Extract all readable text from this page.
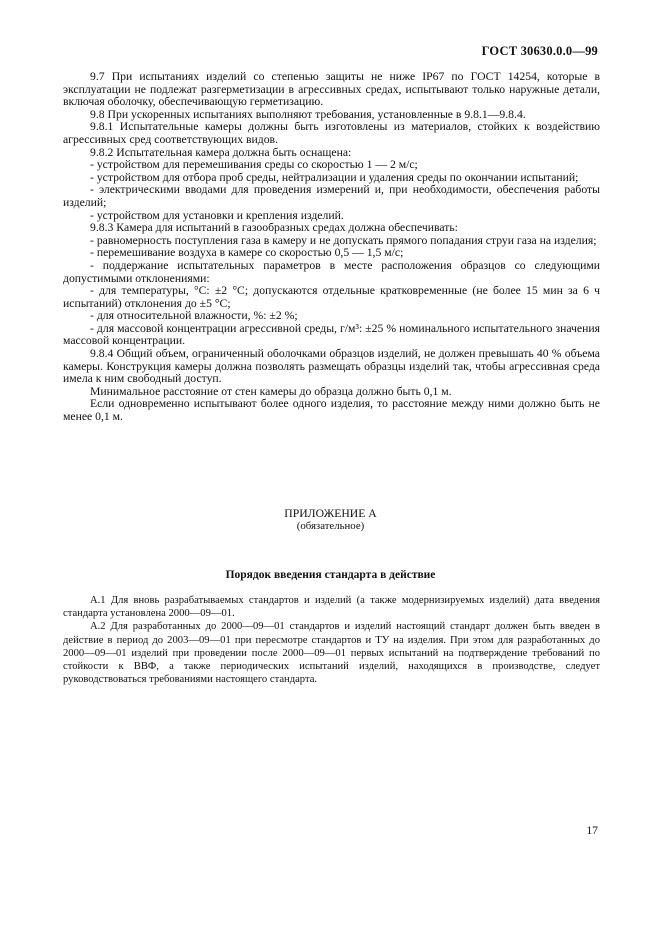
ГОСТ 30630.0.0—99

9.7 При испытаниях изделий со степенью защиты не ниже IP67 по ГОСТ 14254, которые в эксплуатации не подлежат разгерметизации в агрессивных средах, испытывают только наружные детали, включая оболочку, обеспечивающую герметизацию.

9.8 При ускоренных испытаниях выполняют требования, установленные в 9.8.1—9.8.4.

9.8.1 Испытательные камеры должны быть изготовлены из материалов, стойких к воздействию агрессивных сред соответствующих видов.

9.8.2 Испытательная камера должна быть оснащена:

- устройством для перемешивания среды со скоростью 1 — 2 м/с;

- устройством для отбора проб среды, нейтрализации и удаления среды по окончании испытаний;

- электрическими вводами для проведения измерений и, при необходимости, обеспечения работы изделий;

- устройством для установки и крепления изделий.

9.8.3 Камера для испытаний в газообразных средах должна обеспечивать:

- равномерность поступления газа в камеру и не допускать прямого попадания струи газа на изделия;

- перемешивание воздуха в камере со скоростью 0,5 — 1,5 м/с;

- поддержание испытательных параметров в месте расположения образцов со следующими допустимыми отклонениями:

- для температуры, °С: ±2 °С; допускаются отдельные кратковременные (не более 15 мин за 6 ч испытаний) отклонения до ±5 °С;

- для относительной влажности, %: ±2 %;

- для массовой концентрации агрессивной среды, г/м³: ±25 % номинального испытательного значения массовой концентрации.

9.8.4 Общий объем, ограниченный оболочками образцов изделий, не должен превышать 40 % объема камеры. Конструкция камеры должна позволять размещать образцы изделий так, чтобы агрессивная среда имела к ним свободный доступ.

Минимальное расстояние от стен камеры до образца должно быть 0,1 м.

Если одновременно испытывают более одного изделия, то расстояние между ними должно быть не менее 0,1 м.

ПРИЛОЖЕНИЕ А
(обязательное)
Порядок введения стандарта в действие

А.1 Для вновь разрабатываемых стандартов и изделий (а также модернизируемых изделий) дата введения стандарта установлена 2000—09—01.

А.2 Для разработанных до 2000—09—01 стандартов и изделий настоящий стандарт должен быть введен в действие в период до 2003—09—01 при пересмотре стандартов и ТУ на изделия. При этом для разработанных до 2000—09—01 изделий при проведении после 2000—09—01 первых испытаний на подтверждение требований по стойкости к ВВФ, а также периодических испытаний изделий, находящихся в производстве, следует руководствоваться требованиями настоящего стандарта.

17
